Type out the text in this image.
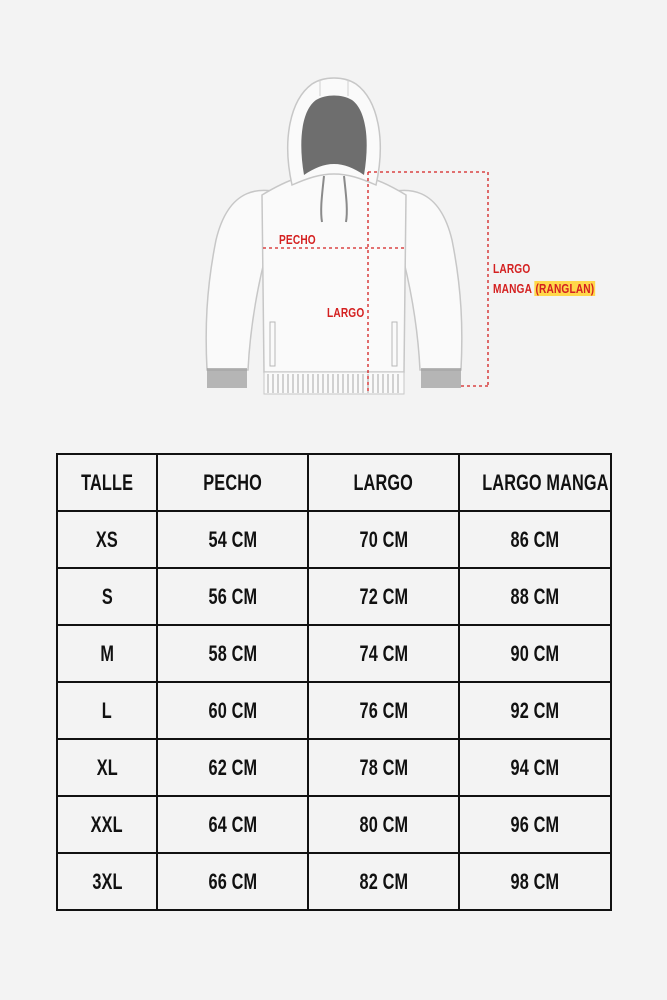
PECHO
LARGO
LARGO
MANGA (RANGLAN)
TALLE	PECHO	LARGO	LARGO MANGA
XS	54 CM	70 CM	86 CM
S	56 CM	72 CM	88 CM
M	58 CM	74 CM	90 CM
L	60 CM	76 CM	92 CM
XL	62 CM	78 CM	94 CM
XXL	64 CM	80 CM	96 CM
3XL	66 CM	82 CM	98 CM
